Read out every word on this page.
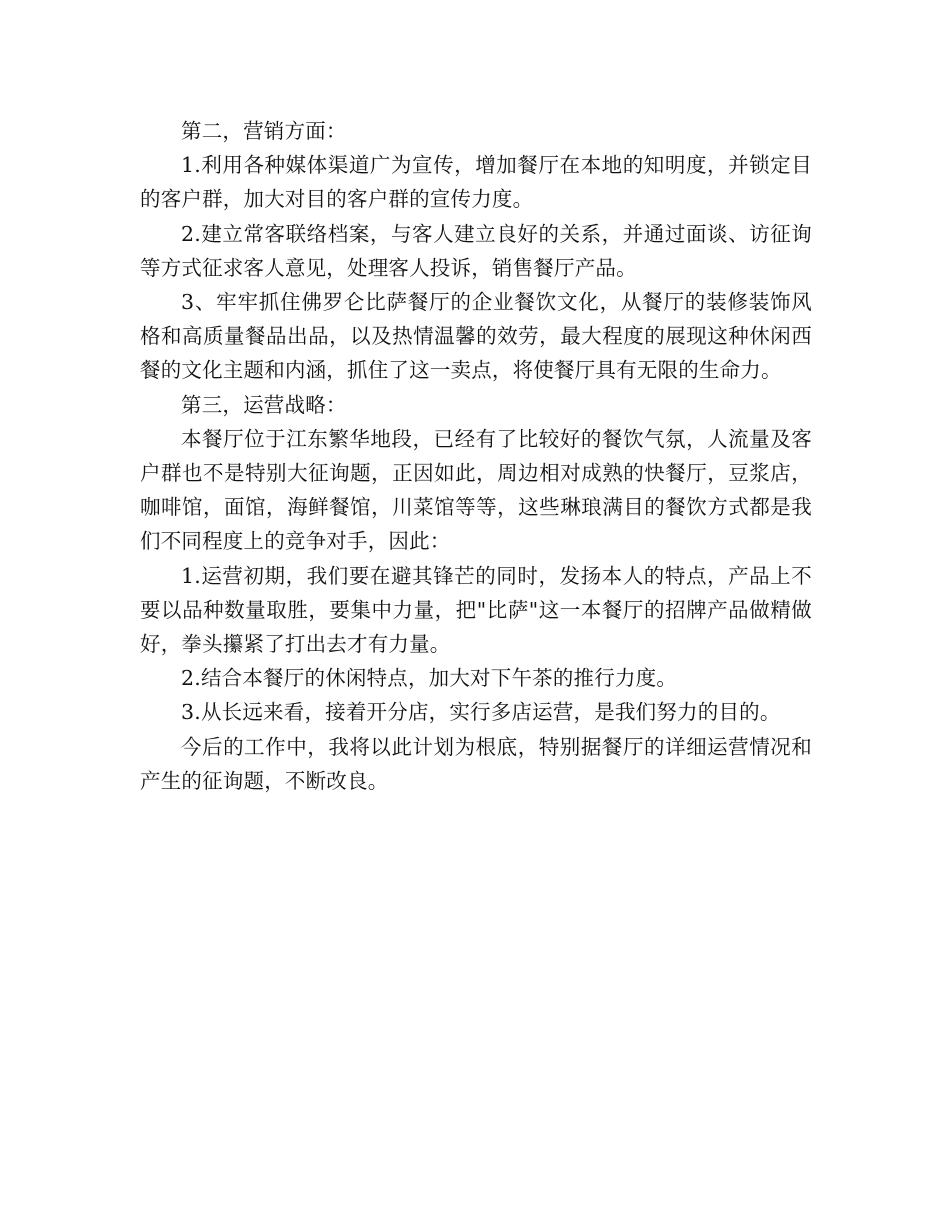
第二，营销方面：

1.利用各种媒体渠道广为宣传，增加餐厅在本地的知明度，并锁定目的客户群，加大对目的客户群的宣传力度。

2.建立常客联络档案，与客人建立良好的关系，并通过面谈、访征询等方式征求客人意见，处理客人投诉，销售餐厅产品。

3、牢牢抓住佛罗仑比萨餐厅的企业餐饮文化，从餐厅的装修装饰风格和高质量餐品出品，以及热情温馨的效劳，最大程度的展现这种休闲西餐的文化主题和内涵，抓住了这一卖点，将使餐厅具有无限的生命力。

第三，运营战略：

本餐厅位于江东繁华地段，已经有了比较好的餐饮气氛，人流量及客户群也不是特别大征询题，正因如此，周边相对成熟的快餐厅，豆浆店，咖啡馆，面馆，海鲜餐馆，川菜馆等等，这些琳琅满目的餐饮方式都是我们不同程度上的竞争对手，因此：

1.运营初期，我们要在避其锋芒的同时，发扬本人的特点，产品上不要以品种数量取胜，要集中力量，把"比萨"这一本餐厅的招牌产品做精做好，拳头攥紧了打出去才有力量。

2.结合本餐厅的休闲特点，加大对下午茶的推行力度。

3.从长远来看，接着开分店，实行多店运营，是我们努力的目的。

今后的工作中，我将以此计划为根底，特别据餐厅的详细运营情况和产生的征询题，不断改良。
